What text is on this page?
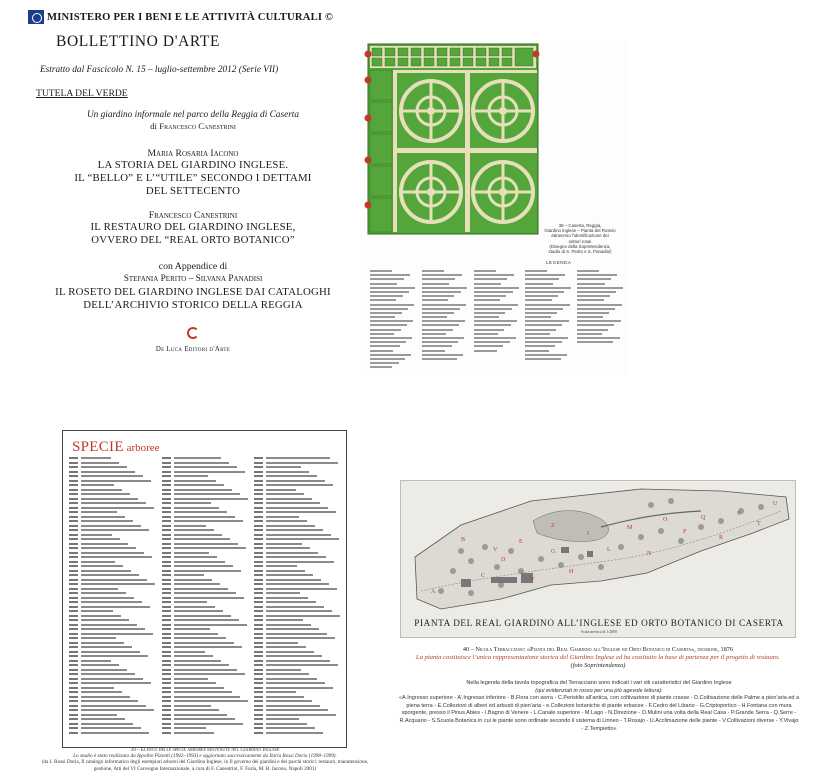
MINISTERO PER I BENI E LE ATTIVITÀ CULTURALI ©
BOLLETTINO D'ARTE
Estratto dal Fascicolo N. 15 – luglio-settembre 2012 (Serie VII)
TUTELA DEL VERDE
Un giardino informale nel parco della Reggia di Caserta
di Francesco Canestrini
Maria Rosaria Iacono
LA STORIA DEL GIARDINO INGLESE.
IL “BELLO” E L’“UTILE” SECONDO I DETTAMI
DEL SETTECENTO
Francesco Canestrini
IL RESTAURO DEL GIARDINO INGLESE,
OVVERO DEL “REAL ORTO BOTANICO”
con Appendice di
Stefania Perito – Silvana Panadisi
IL ROSETO DEL GIARDINO INGLESE DAI CATALOGHI
DELL’ARCHIVIO STORICO DELLA REGGIA
De Luca Editori d'Arte
38 – Caserta, Reggia,
Giardino inglese – Pianta del Roseto
attraverso l'identificazione dei
settori rosai
(Disegno della Soprintendenza,
studio di S. Perito e S. Panadisi)
LEGENDA
SPECIE arboree
39 – Elenco delle specie arboree rinvenute nel Giardino Inglese
Lo studio è stato realizzato da Ippolito Pizzetti (1992–1993) e aggiornato successivamente da Ilaria Rossi Doria (1998–1999).
(da I. Rossi Doria, Il catalogo informatico degli esemplari arborei del Giardino Inglese, in Il governo dei giardini e dei parchi storici: restauro, manutenzione, gestione, Atti del VI Convegno Internazionale, a cura di F. Canestrini, F. Furia, M. R. Iacono, Napoli 2001)
A
B
C
D
E
F
G
H
I
L
M
N
O
P
Q
R
S
T
U
V
Z
PIANTA DEL REAL GIARDINO ALL’INGLESE ED ORTO BOTANICO DI CASERTA
Scala metrica di 1:2000
40 – Nicola Terracciano: «Pianta del Real Giardino all’Inglese ed Orto Botanico di Caserta», incisione, 1876
La pianta costituisce l’unica rappresentazione storica del Giardino Inglese ed ha costituito la base di partenza per il progetto di restauro.
(foto Soprintendenza)
Nella legenda della tavola topografica del Terracciano sono indicati i vari siti caratteristici del Giardino Inglese
(qui evidenziati in rosso per una più agevole lettura):
«A.Ingresso superiore - A’.Ingresso inferiore - B.Flora con serra - C.Peristilio all’antica, con coltivazione di piante crasse - D.Coltivazione delle Palme a pien’aria ed a piena terra - E.Collezioni di alberi ed arbusti di pien’aria - e.Collezioni botaniche di piante erbacee - F.Cedro del Libano - G.Criptoportico - H.Fontana con mura sporgente, presso il Pinus Abies - I.Bagno di Venere - L.Canale superiore - M.Lago - N.Direzione - O.Mulini una volta della Real Casa - P.Grande Serra - Q.Serre - R.Acquario - S.Scuola Botanica in cui le piante sono ordinate secondo il sistema di Linneo - T.Rosajo - U.Acclimazione delle piante - V.Coltivazioni diverse - Y.Vivajo - Z.Tempietto»
